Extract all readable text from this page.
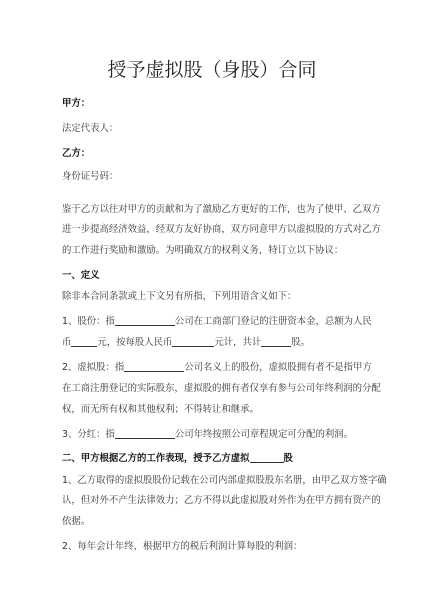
授予虚拟股（身股）合同
甲方：
法定代表人：
乙方：
身份证号码：
鉴于乙方以往对甲方的贡献和为了激励乙方更好的工作，也为了使甲、乙双方
进一步提高经济效益，经双方友好协商，双方同意甲方以虚拟股的方式对乙方
的工作进行奖励和激励。为明确双方的权利义务，特订立以下协议：
一、定义
除非本合同条款或上下文另有所指，下列用语含义如下：
1、股份：指	公司在工商部门登记的注册资本金，总额为人民
币	元，按每股人民币	元计，共计	股。
2、虚拟股：指	公司名义上的股份，虚拟股拥有者不是指甲方
在工商注册登记的实际股东，虚拟股的拥有者仅享有参与公司年终利润的分配
权，而无所有权和其他权利；不得转让和继承。
3、分红：指	公司年终按照公司章程规定可分配的利润。
二、甲方根据乙方的工作表现，授予乙方虚拟	股
1、乙方取得的虚拟股股份记载在公司内部虚拟股股东名册，由甲乙双方签字确
认，但对外不产生法律效力；乙方不得以此虚拟股对外作为在甲方拥有资产的
依据。
2、每年会计年终，根据甲方的税后利润计算每股的利润：
